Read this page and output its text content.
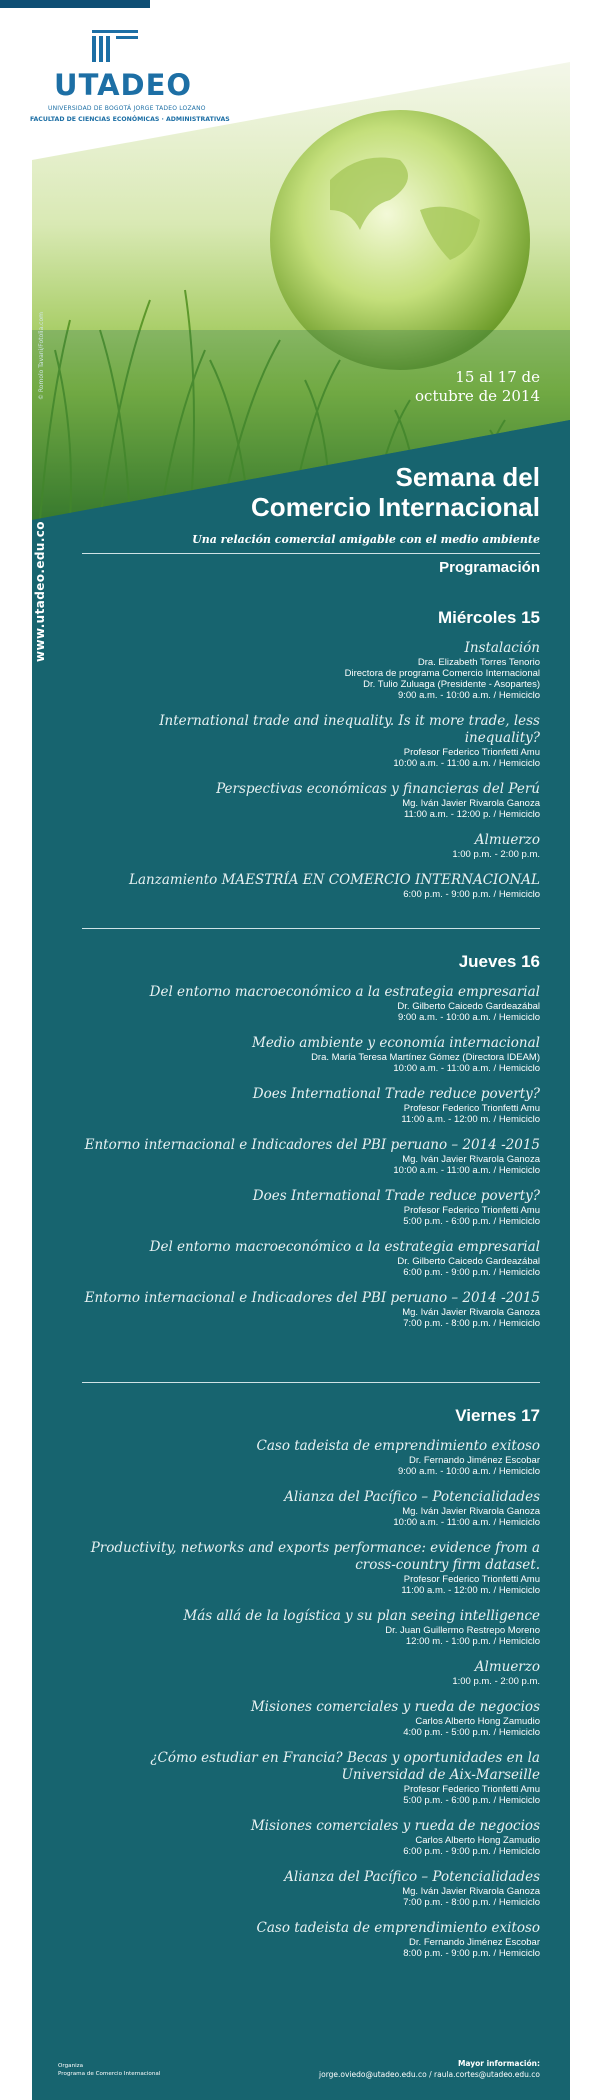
UTADEO
UNIVERSIDAD DE BOGOTÁ JORGE TADEO LOZANO
FACULTAD DE CIENCIAS ECONÓMICAS · ADMINISTRATIVAS
© Romolo Tavani/Fotolia.com
www.utadeo.edu.co
15 al 17 de
octubre de 2014
Semana del
Comercio Internacional
Una relación comercial amigable con el medio ambiente
Programación
Miércoles 15
Instalación
Dra. Elizabeth Torres Tenorio
Directora de programa Comercio Internacional
Dr. Tulio Zuluaga (Presidente - Asopartes)
9:00 a.m. - 10:00 a.m. / Hemiciclo
International trade and inequality. Is it more trade, less inequality?
Profesor Federico Trionfetti Amu
10:00 a.m. - 11:00 a.m. / Hemiciclo
Perspectivas económicas y financieras del Perú
Mg. Iván Javier Rivarola Ganoza
11:00 a.m. - 12:00 p. / Hemiciclo
Almuerzo
1:00 p.m. - 2:00 p.m.
Lanzamiento MAESTRÍA EN COMERCIO INTERNACIONAL
6:00 p.m. - 9:00 p.m. / Hemiciclo
Jueves 16
Del entorno macroeconómico a la estrategia empresarial
Dr. Gilberto Caicedo Gardeazábal
9:00 a.m. - 10:00 a.m. / Hemiciclo
Medio ambiente y economía internacional
Dra. María Teresa Martínez Gómez (Directora IDEAM)
10:00 a.m. - 11:00 a.m. / Hemiciclo
Does International Trade reduce poverty?
Profesor Federico Trionfetti Amu
11:00 a.m. - 12:00 m. / Hemiciclo
Entorno internacional e Indicadores del PBI peruano – 2014 -2015
Mg. Iván Javier Rivarola Ganoza
10:00 a.m. - 11:00 a.m. / Hemiciclo
Does International Trade reduce poverty?
Profesor Federico Trionfetti Amu
5:00 p.m. - 6:00 p.m. / Hemiciclo
Del entorno macroeconómico a la estrategia empresarial
Dr. Gilberto Caicedo Gardeazábal
6:00 p.m. - 9:00 p.m. / Hemiciclo
Entorno internacional e Indicadores del PBI peruano – 2014 -2015
Mg. Iván Javier Rivarola Ganoza
7:00 p.m. - 8:00 p.m. / Hemiciclo
Viernes 17
Caso tadeista de emprendimiento exitoso
Dr. Fernando Jiménez Escobar
9:00 a.m. - 10:00 a.m. / Hemiciclo
Alianza del Pacífico – Potencialidades
Mg. Iván Javier Rivarola Ganoza
10:00 a.m. - 11:00 a.m. / Hemiciclo
Productivity, networks and exports performance: evidence from a cross-country firm dataset.
Profesor Federico Trionfetti Amu
11:00 a.m. - 12:00 m. / Hemiciclo
Más allá de la logística y su plan seeing intelligence
Dr. Juan Guillermo Restrepo Moreno
12:00 m. - 1:00 p.m. / Hemiciclo
Almuerzo
1:00 p.m. - 2:00 p.m.
Misiones comerciales y rueda de negocios
Carlos Alberto Hong Zamudio
4:00 p.m. - 5:00 p.m. / Hemiciclo
¿Cómo estudiar en Francia? Becas y oportunidades en la Universidad de Aix-Marseille
Profesor Federico Trionfetti Amu
5:00 p.m. - 6:00 p.m. / Hemiciclo
Misiones comerciales y rueda de negocios
Carlos Alberto Hong Zamudio
6:00 p.m. - 9:00 p.m. / Hemiciclo
Alianza del Pacífico – Potencialidades
Mg. Iván Javier Rivarola Ganoza
7:00 p.m. - 8:00 p.m. / Hemiciclo
Caso tadeista de emprendimiento exitoso
Dr. Fernando Jiménez Escobar
8:00 p.m. - 9:00 p.m. / Hemiciclo
Organiza
Programa de Comercio Internacional
Mayor información:
jorge.oviedo@utadeo.edu.co / raula.cortes@utadeo.edu.co
